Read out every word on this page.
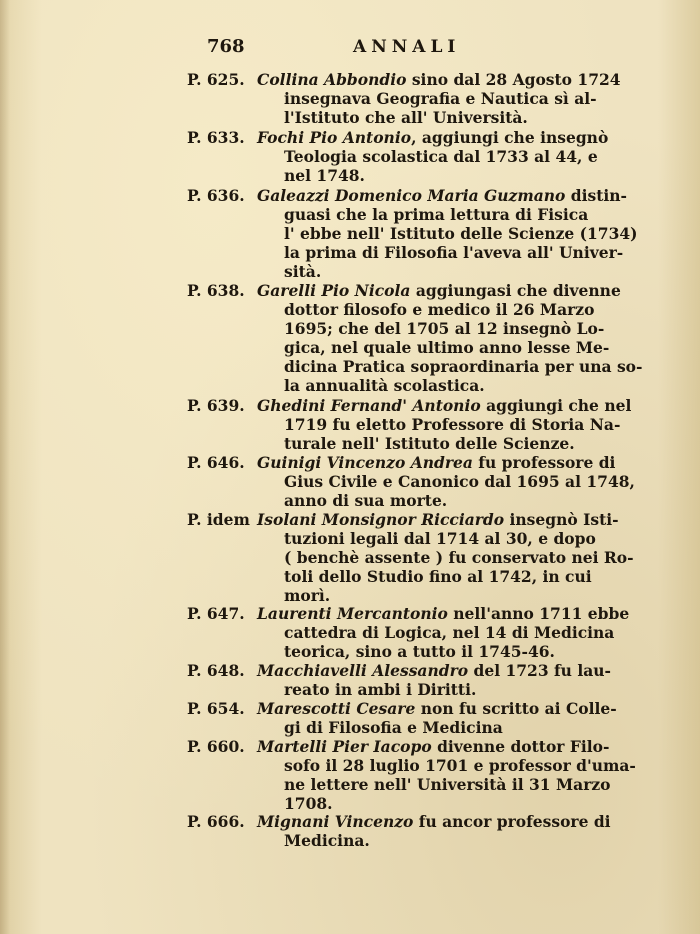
768	ANNALI
P. 625. Collina Abbondio sino dal 28 Agosto 1724
insegnava Geografia e Nautica sì al-
l'Istituto che all' Università.
P. 633. Fochi Pio Antonio, aggiungi che insegnò
Teologia scolastica dal 1733 al 44, e
nel 1748.
P. 636. Galeazzi Domenico Maria Guzmano distin-
guasi che la prima lettura di Fisica
l' ebbe nell' Istituto delle Scienze (1734)
la prima di Filosofia l'aveva all' Univer-
sità.
P. 638. Garelli Pio Nicola aggiungasi che divenne
dottor filosofo e medico il 26 Marzo
1695; che del 1705 al 12 insegnò Lo-
gica, nel quale ultimo anno lesse Me-
dicina Pratica sopraordinaria per una so-
la annualità scolastica.
P. 639. Ghedini Fernand' Antonio aggiungi che nel
1719 fu eletto Professore di Storia Na-
turale nell' Istituto delle Scienze.
P. 646. Guinigi Vincenzo Andrea fu professore di
Gius Civile e Canonico dal 1695 al 1748,
anno di sua morte.
P. idem Isolani Monsignor Ricciardo insegnò Isti-
tuzioni legali dal 1714 al 30, e dopo
( benchè assente ) fu conservato nei Ro-
toli dello Studio fino al 1742, in cui
morì.
P. 647. Laurenti Mercantonio nell'anno 1711 ebbe
cattedra di Logica, nel 14 di Medicina
teorica, sino a tutto il 1745-46.
P. 648. Macchiavelli Alessandro del 1723 fu lau-
reato in ambi i Diritti.
P. 654. Marescotti Cesare non fu scritto ai Colle-
gi di Filosofia e Medicina
P. 660. Martelli Pier Iacopo divenne dottor Filo-
sofo il 28 luglio 1701 e professor d'uma-
ne lettere nell' Università il 31 Marzo
1708.
P. 666. Mignani Vincenzo fu ancor professore di
Medicina.
